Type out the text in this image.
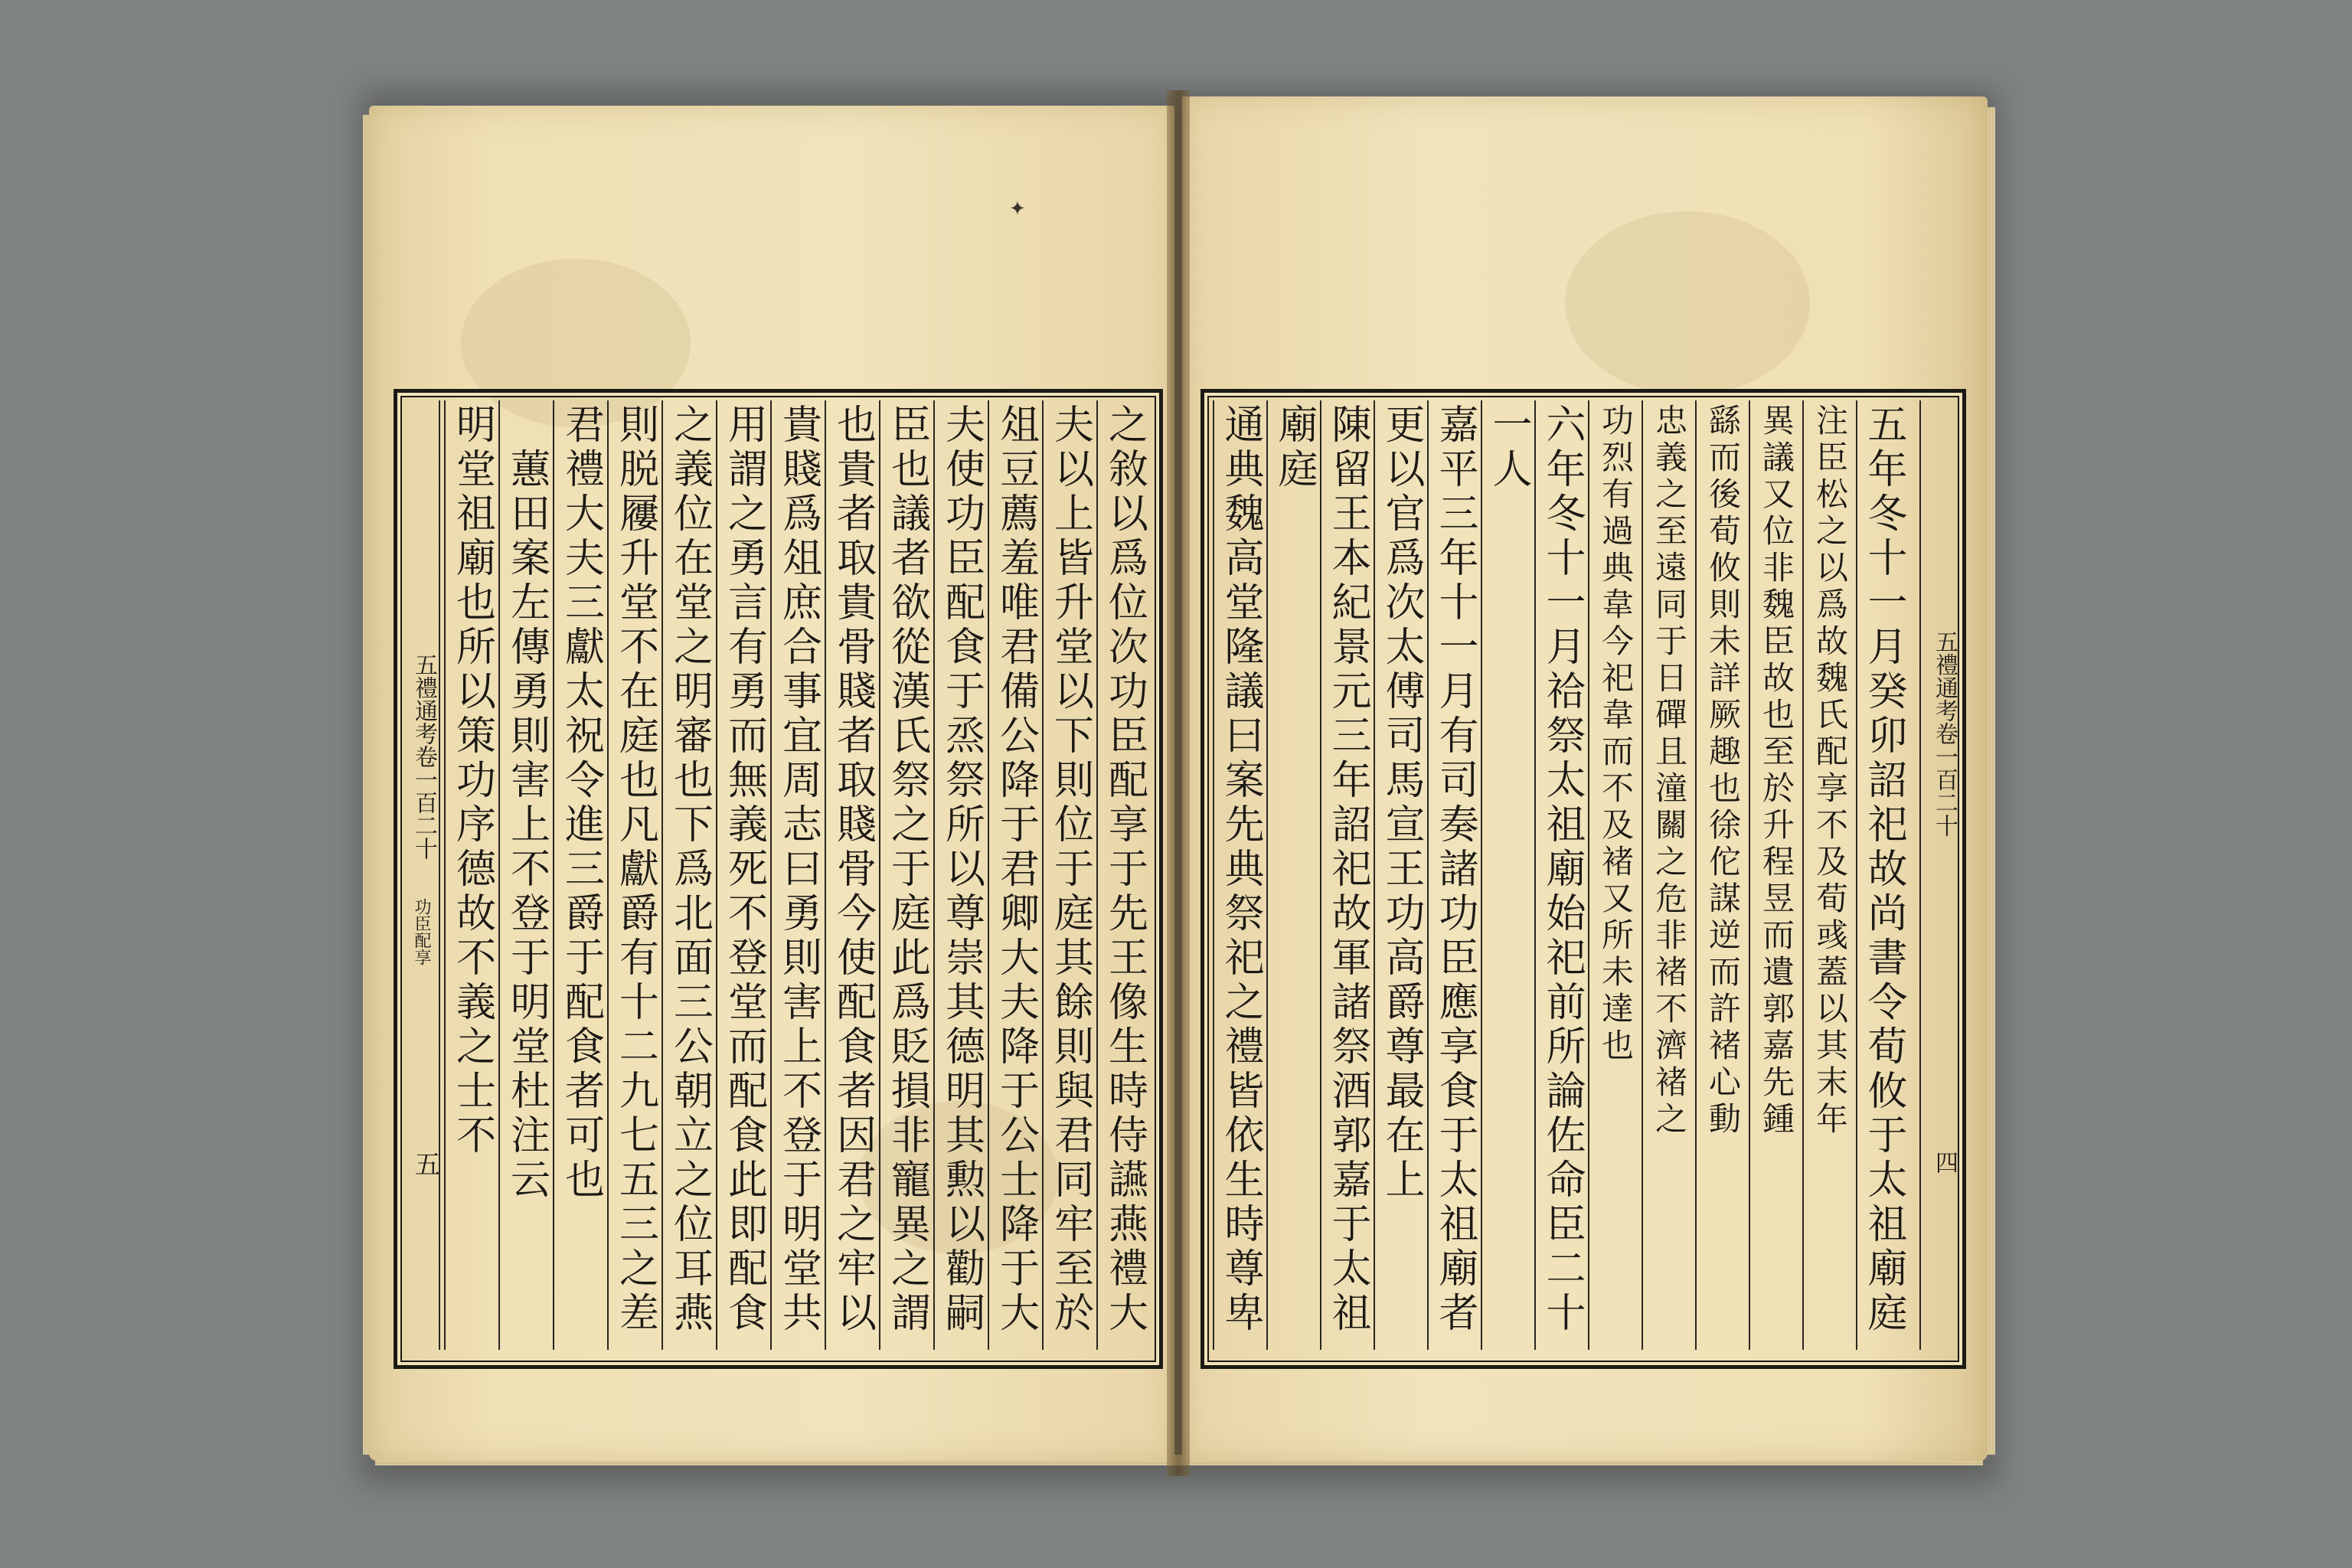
✦
五禮通考卷一百二十
功臣配享
五	之敘以爲位次功臣配享于先王像生時侍讌燕禮大
夫以上皆升堂以下則位于庭其餘則與君同牢至於
俎豆薦羞唯君備公降于君卿大夫降于公士降于大
夫使功臣配食于烝祭所以尊崇其德明其勲以勸嗣
臣也議者欲從漢氏祭之于庭此爲貶損非寵異之謂
也貴者取貴骨賤者取賤骨今使配食者因君之牢以
貴賤爲俎庶合事宜周志曰勇則害上不登于明堂共
用謂之勇言有勇而無義死不登堂而配食此即配食
之義位在堂之明審也下爲北面三公朝立之位耳燕
則脱屨升堂不在庭也凡獻爵有十二九七五三之差
君禮大夫三獻太祝令進三爵于配食者可也
　蕙田案左傳勇則害上不登于明堂杜注云
明堂祖廟也所以策功序德故不義之士不	五禮通考卷一百二十
四
五年冬十一月癸卯詔祀故尚書令荀攸于太祖廟庭
注臣松之以爲故魏氏配享不及荀彧蓋以其末年
異議又位非魏臣故也至於升程昱而遺郭嘉先鍾
繇而後荀攸則未詳厥趣也徐佗謀逆而許褚心動
忠義之至遠同于日磾且潼關之危非褚不濟褚之
功烈有過典韋今祀韋而不及褚又所未達也
六年冬十一月祫祭太祖廟始祀前所論佐命臣二十
一人
嘉平三年十一月有司奏諸功臣應享食于太祖廟者
更以官爲次太傅司馬宣王功高爵尊最在上
陳留王本紀景元三年詔祀故軍諸祭酒郭嘉于太祖
廟庭
通典魏高堂隆議曰案先典祭祀之禮皆依生時尊卑
